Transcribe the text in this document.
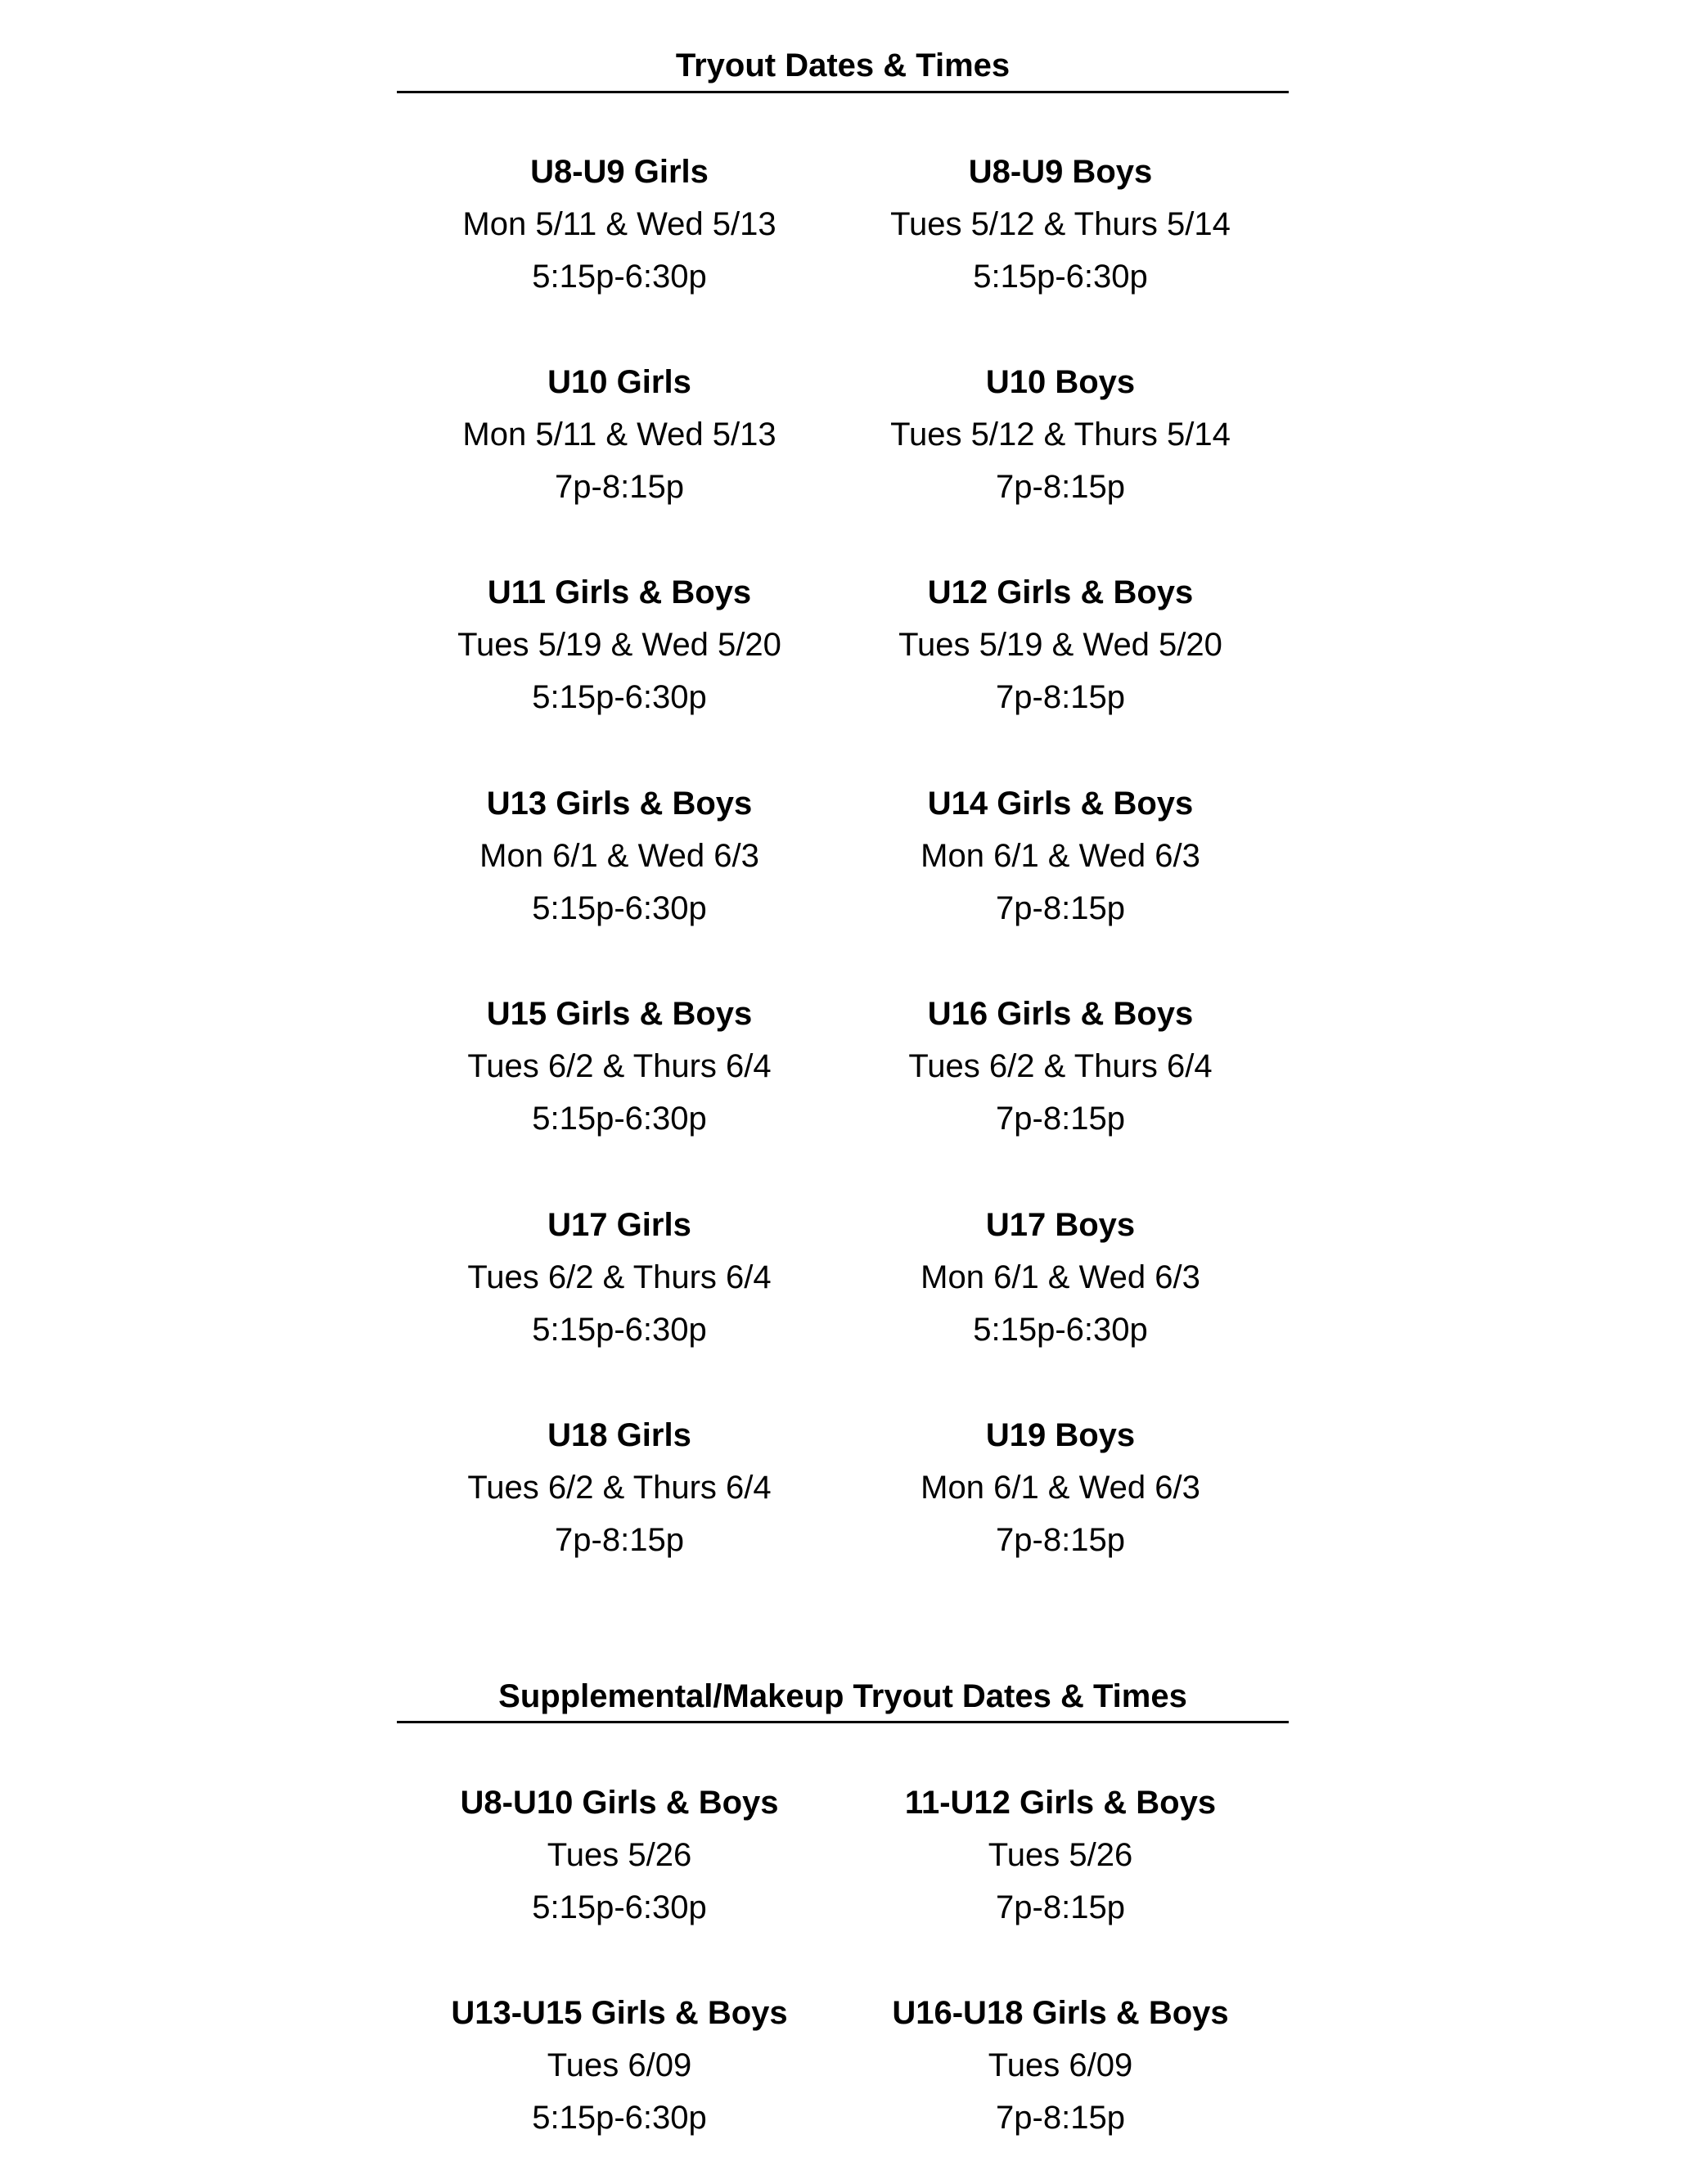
Tryout Dates & Times
U8-U9 Girls
Mon 5/11 & Wed 5/13
5:15p-6:30p
U8-U9 Boys
Tues 5/12 & Thurs 5/14
5:15p-6:30p
U10 Girls
Mon 5/11 & Wed 5/13
7p-8:15p
U10 Boys
Tues 5/12 & Thurs 5/14
7p-8:15p
U11 Girls & Boys
Tues 5/19 & Wed 5/20
5:15p-6:30p
U12 Girls & Boys
Tues 5/19 & Wed 5/20
7p-8:15p
U13 Girls & Boys
Mon 6/1 & Wed 6/3
5:15p-6:30p
U14 Girls & Boys
Mon 6/1 & Wed 6/3
7p-8:15p
U15 Girls & Boys
Tues 6/2 & Thurs 6/4
5:15p-6:30p
U16 Girls & Boys
Tues 6/2 & Thurs 6/4
7p-8:15p
U17 Girls
Tues 6/2 & Thurs 6/4
5:15p-6:30p
U17 Boys
Mon 6/1 & Wed 6/3
5:15p-6:30p
U18 Girls
Tues 6/2 & Thurs 6/4
7p-8:15p
U19 Boys
Mon 6/1 & Wed 6/3
7p-8:15p
Supplemental/Makeup Tryout Dates & Times
U8-U10 Girls & Boys
Tues 5/26
5:15p-6:30p
11-U12 Girls & Boys
Tues 5/26
7p-8:15p
U13-U15 Girls & Boys
Tues 6/09
5:15p-6:30p
U16-U18 Girls & Boys
Tues 6/09
7p-8:15p
